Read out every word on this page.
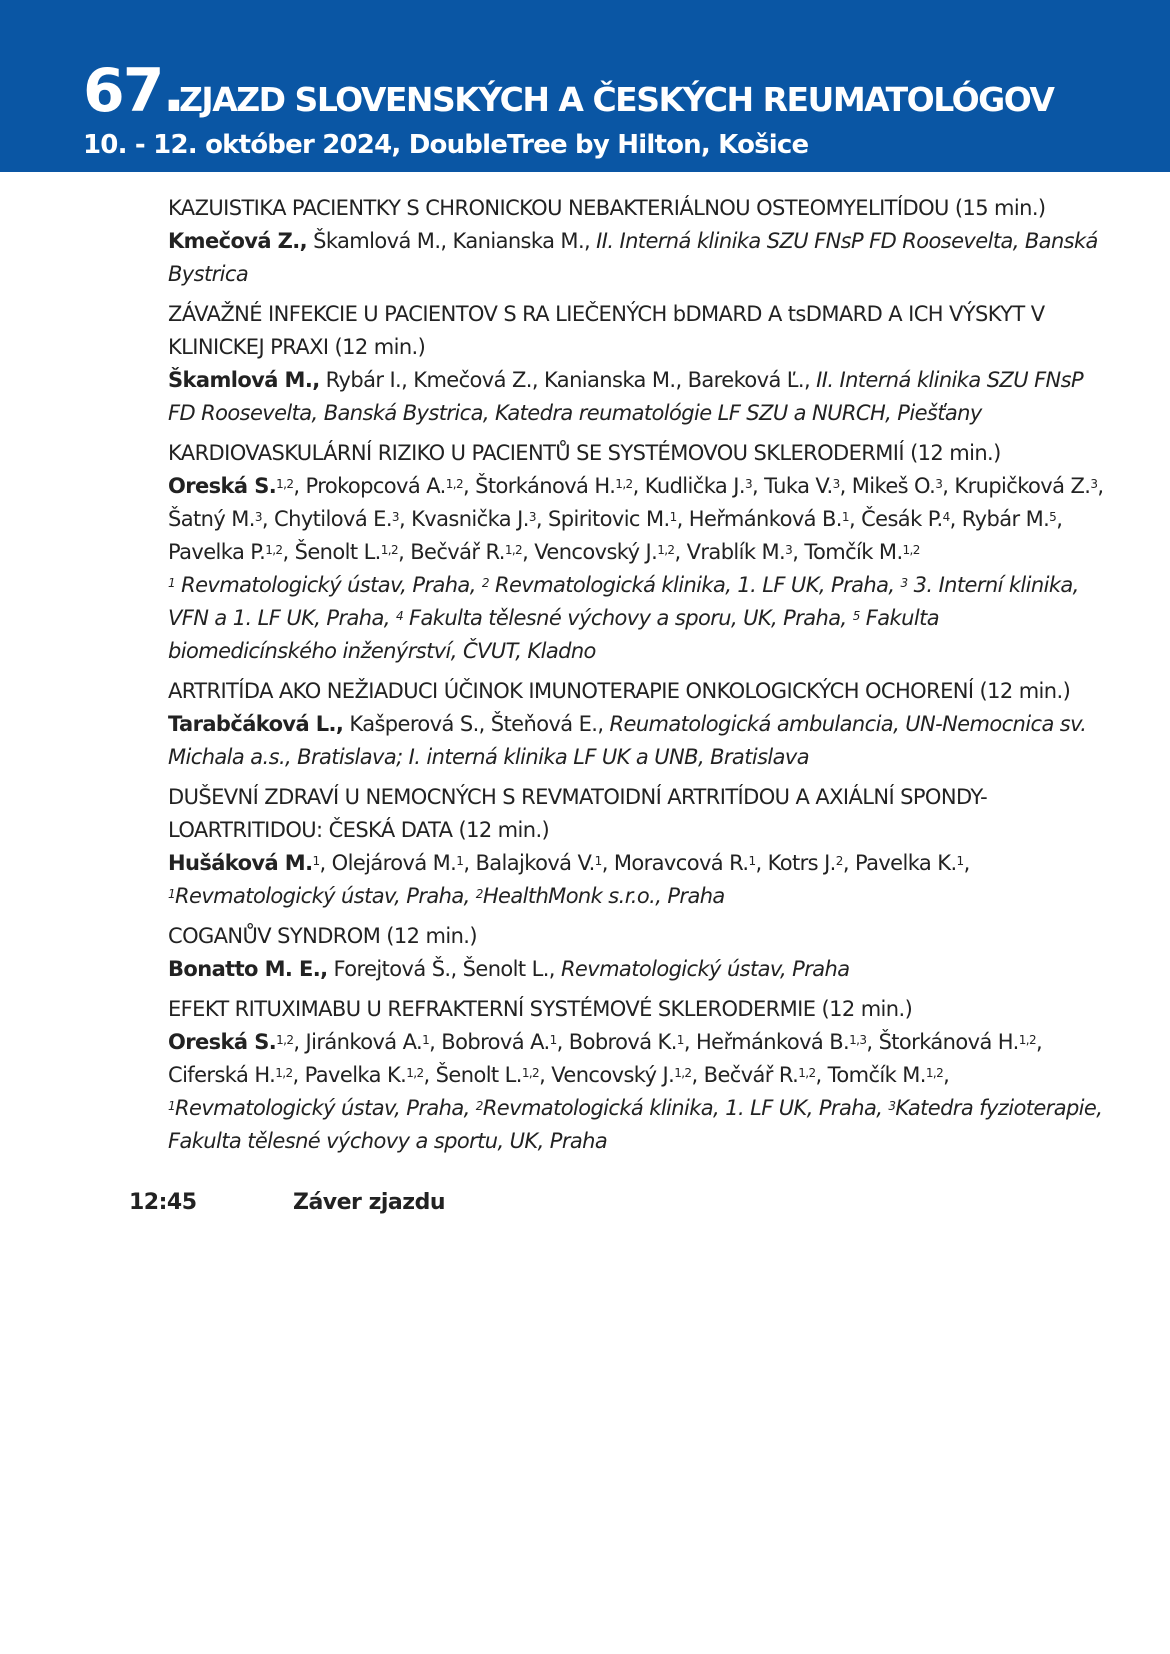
67.
ZJAZD SLOVENSKÝCH A ČESKÝCH REUMATOLÓGOV
10. - 12. október 2024, DoubleTree by Hilton, Košice
KAZUISTIKA PACIENTKY S CHRONICKOU NEBAKTERIÁLNOU OSTEOMYELITÍDOU (15 min.)
Kmečová Z., Škamlová M., Kanianska M., II. Interná klinika SZU FNsP FD Roosevelta, Banská Bystrica
ZÁVAŽNÉ INFEKCIE U PACIENTOV S RA LIEČENÝCH bDMARD A tsDMARD A ICH VÝSKYT V KLINICKEJ PRAXI (12 min.)
Škamlová M., Rybár I., Kmečová Z., Kanianska M., Bareková Ľ., II. Interná klinika SZU FNsP FD Roosevelta, Banská Bystrica, Katedra reumatológie LF SZU a NURCH, Piešťany
KARDIOVASKULÁRNÍ RIZIKO U PACIENTŮ SE SYSTÉMOVOU SKLERODERMIÍ (12 min.)
Oreská S.$^{1,2}$, Prokopcová A.$^{1,2}$, Štorkánová H.$^{1,2}$, Kudlička J.$^3$, Tuka V.$^3$, Mikeš O.$^3$, Krupičková Z.$^3$, Šatný M.$^3$, Chytilová E.$^3$, Kvasnička J.$^3$, Spiritovic M.$^1$, Heřmánková B.$^1$, Česák P.$^4$, Rybár M.$^5$, Pavelka P.$^{1,2}$, Šenolt L.$^{1,2}$, Bečvář R.$^{1,2}$, Vencovský J.$^{1,2}$, Vrablík M.$^3$, Tomčík M.$^{1,2}$
$^1$ Revmatologický ústav, Praha, $^2$ Revmatologická klinika, 1. LF UK, Praha, $^3$ 3. Interní klinika, VFN a 1. LF UK, Praha, $^4$ Fakulta tělesné výchovy a sporu, UK, Praha, $^5$ Fakulta biomedicínského inženýrství, ČVUT, Kladno
ARTRITÍDA AKO NEŽIADUCI ÚČINOK IMUNOTERAPIE ONKOLOGICKÝCH OCHORENÍ (12 min.)
Tarabčáková L., Kašperová S., Šteňová E., Reumatologická ambulancia, UN-Nemocnica sv. Michala a.s., Bratislava; I. interná klinika LF UK a UNB, Bratislava
DUŠEVNÍ ZDRAVÍ U NEMOCNÝCH S REVMATOIDNÍ ARTRITÍDOU A AXIÁLNÍ SPONDY-LOARTRITIDOU: ČESKÁ DATA (12 min.)
Hušáková M.$^1$, Olejárová M.$^1$, Balajková V.$^1$, Moravcová R.$^1$, Kotrs J.$^2$, Pavelka K.$^1$,
$^1$Revmatologický ústav, Praha, $^2$HealthMonk s.r.o., Praha
COGANŮV SYNDROM (12 min.)
Bonatto M. E., Forejtová Š., Šenolt L., Revmatologický ústav, Praha
EFEKT RITUXIMABU U REFRAKTERNÍ SYSTÉMOVÉ SKLERODERMIE (12 min.)
Oreská S.$^{1,2}$, Jiránková A.$^1$, Bobrová A.$^1$, Bobrová K.$^1$, Heřmánková B.$^{1,3}$, Štorkánová H.$^{1,2}$, Ciferská H.$^{1,2}$, Pavelka K.$^{1,2}$, Šenolt L.$^{1,2}$, Vencovský J.$^{1,2}$, Bečvář R.$^{1,2}$, Tomčík M.$^{1,2}$,
$^1$Revmatologický ústav, Praha, $^2$Revmatologická klinika, 1. LF UK, Praha, $^3$Katedra fyzioterapie, Fakulta tělesné výchovy a sportu, UK, Praha
12:45	Záver zjazdu
